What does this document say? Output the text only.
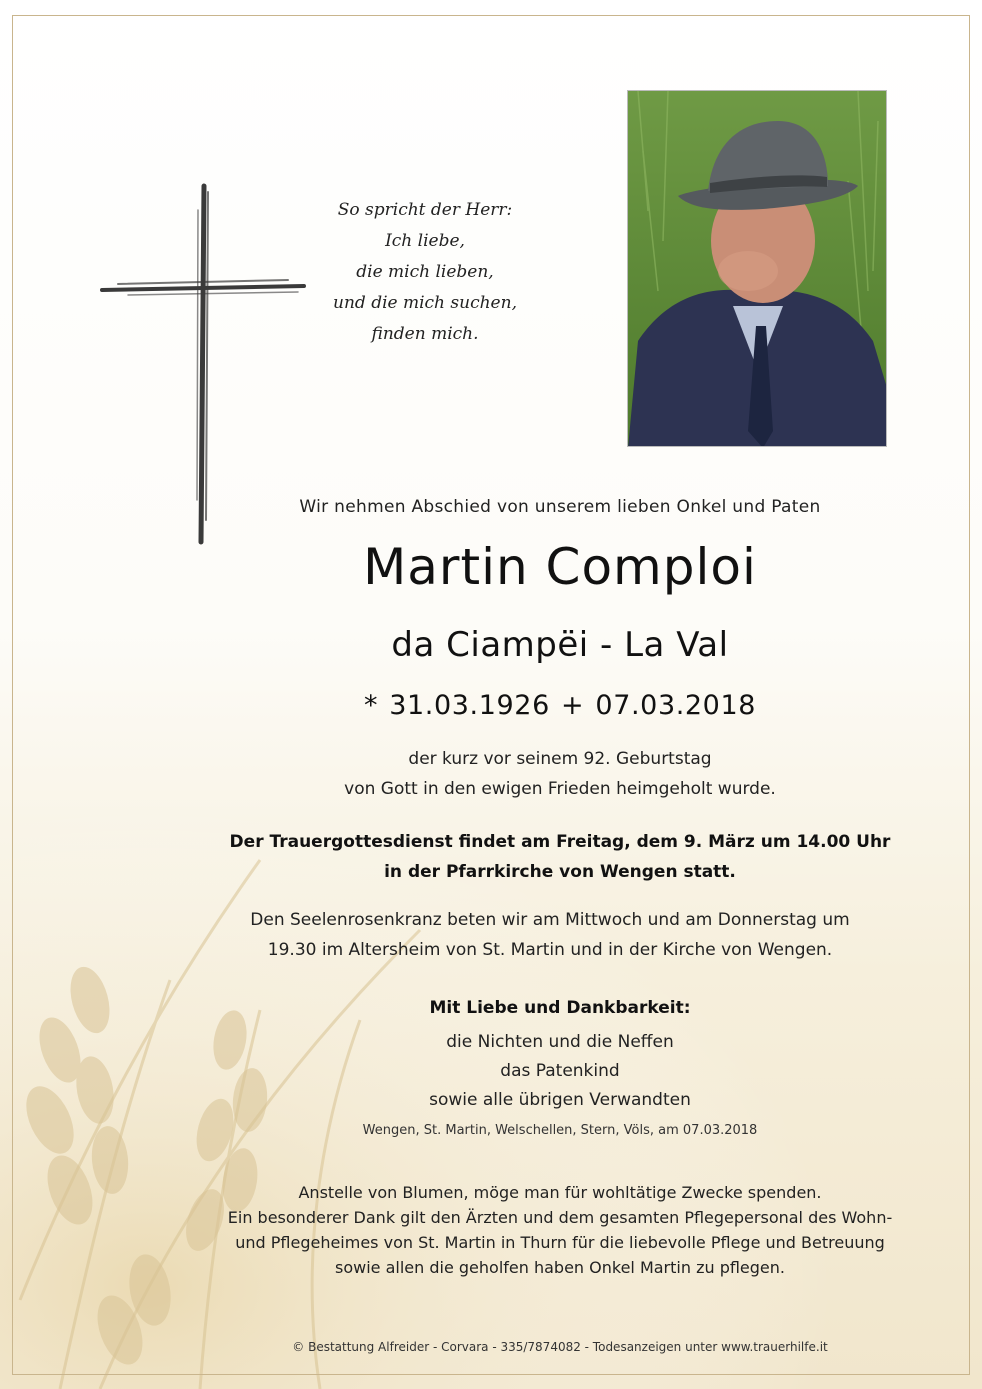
So spricht der Herr:
Ich liebe,
die mich lieben,
und die mich suchen,
finden mich.
Wir nehmen Abschied von unserem lieben Onkel und Paten
Martin Comploi
da Ciampëi - La Val
* 31.03.1926 + 07.03.2018
der kurz vor seinem 92. Geburtstag
von Gott in den ewigen Frieden heimgeholt wurde.
Der Trauergottesdienst findet am Freitag, dem 9. März um 14.00 Uhr
in der Pfarrkirche von Wengen statt.
Den Seelenrosenkranz beten wir am Mittwoch und am Donnerstag um
19.30 im Altersheim von St. Martin und in der Kirche von Wengen.
Mit Liebe und Dankbarkeit:
die Nichten und die Neffen
das Patenkind
sowie alle übrigen Verwandten
Wengen, St. Martin, Welschellen, Stern, Völs, am 07.03.2018
Anstelle von Blumen, möge man für wohltätige Zwecke spenden.
Ein besonderer Dank gilt den Ärzten und dem gesamten Pflegepersonal des Wohn-
und Pflegeheimes von St. Martin in Thurn für die liebevolle Pflege und Betreuung
sowie allen die geholfen haben Onkel Martin zu pflegen.
© Bestattung Alfreider - Corvara - 335/7874082 - Todesanzeigen unter www.trauerhilfe.it
